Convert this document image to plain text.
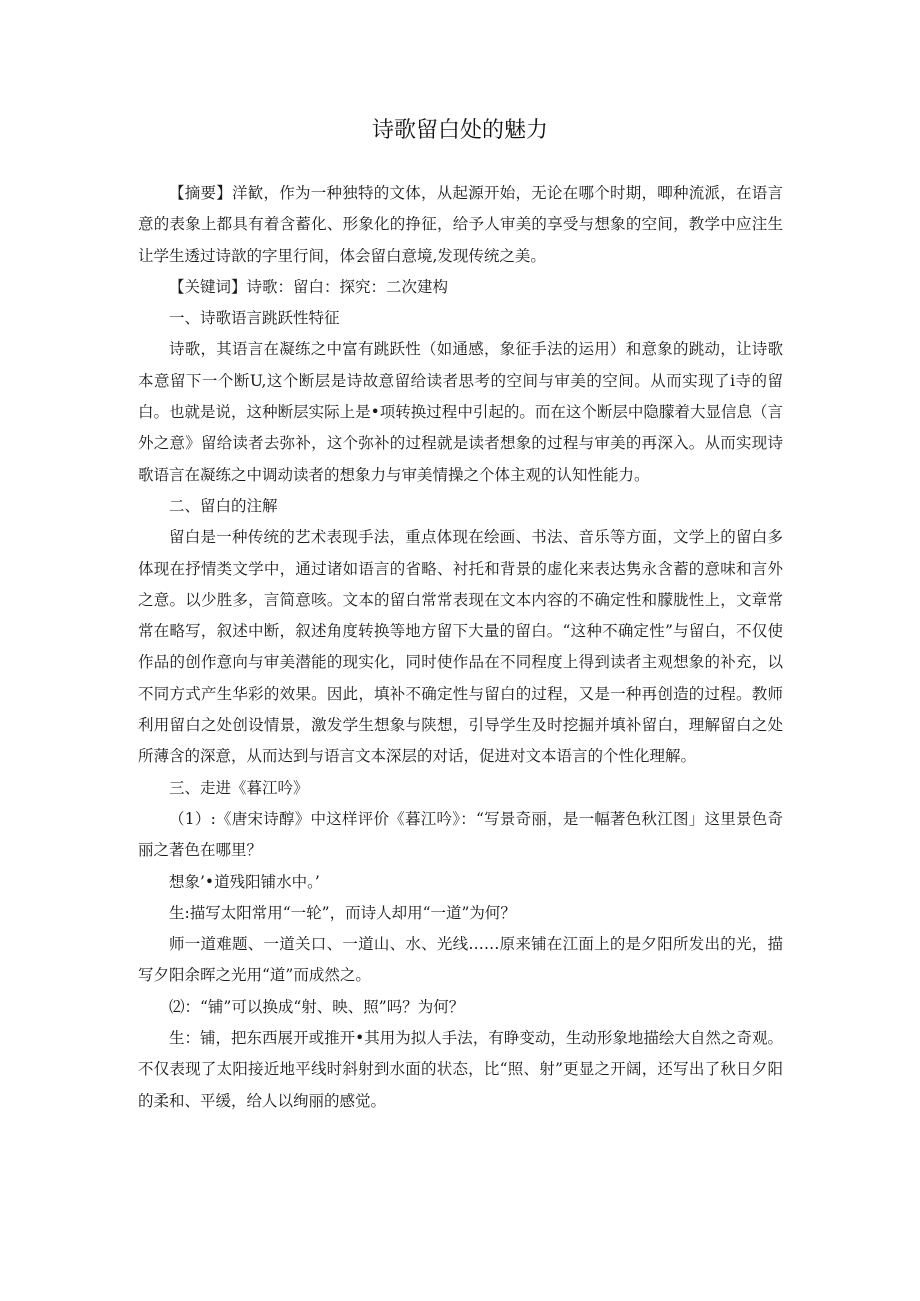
诗歌留白处的魅力

【摘要】洋歓，作为一种独特的文体，从起源开始，无论在哪个时期，唧种流派，在语言意的表象上都具有着含蓄化、形象化的挣征，给予人审美的享受与想象的空间，教学中应注生让学生透过诗歆的字里行间，体会留白意境,发现传统之美。

【关键词】诗歌：留白：探究：二次建构

一、诗歌语言跳跃性特征

诗歌，其语言在凝练之中富有跳跃性（如通感，象征手法的运用）和意象的跳动，让诗歌本意留下一个断U,这个断层是诗故意留给读者思考的空间与审美的空间。从而实现了i寺的留白。也就是说，这种断层实际上是•项转换过程中引起的。而在这个断层中隐朦着大显信息（言外之意》留给读者去弥补，这个弥补的过程就是读者想象的过程与审美的再深入。从而实现诗歌语言在凝练之中调动读者的想象力与审美情操之个体主观的认知性能力。

二、留白的注解

留白是一种传统的艺术表现手法，重点体现在绘画、书法、音乐等方面，文学上的留白多体现在抒情类文学中，通过诸如语言的省略、衬托和背景的虚化来表达隽永含蓄的意味和言外之意。以少胜多，言简意咳。文本的留白常常表现在文本内容的不确定性和朦胧性上，文章常常在略写，叙述中断，叙述角度转换等地方留下大量的留白。“这种不确定性”与留白，不仅使作品的创作意向与审美潜能的现实化，同时使作品在不同程度上得到读者主观想象的补充，以不同方式产生华彩的效果。因此，填补不确定性与留白的过程，又是一种再创造的过程。教师利用留白之处创设情景，激发学生想象与陕想，引导学生及时挖掘并填补留白，理解留白之处所薄含的深意，从而达到与语言文本深层的对话，促进对文本语言的个性化理解。

三、走进《暮江吟》

（1）:《唐宋诗醇》中这样评价《暮江吟》：“写景奇丽，是一幅著色秋江图」这里景色奇丽之著色在哪里？

想象’•道残阳铺水中。’

生:描写太阳常用“一轮”，而诗人却用“一道”为何？

师一道难题、一道关口、一道山、水、光线……原来铺在江面上的是夕阳所发出的光，描写夕阳余晖之光用“道”而成然之。

⑵：“铺”可以换成“射、映、照”吗？为何？

生：铺，把东西展开或推开•其用为拟人手法，有睁变动，生动形象地描绘大自然之奇观。不仅表现了太阳接近地平线时斜射到水面的状态，比“照、射”更显之开阔，还写出了秋日夕阳的柔和、平缓，给人以绚丽的感觉。
